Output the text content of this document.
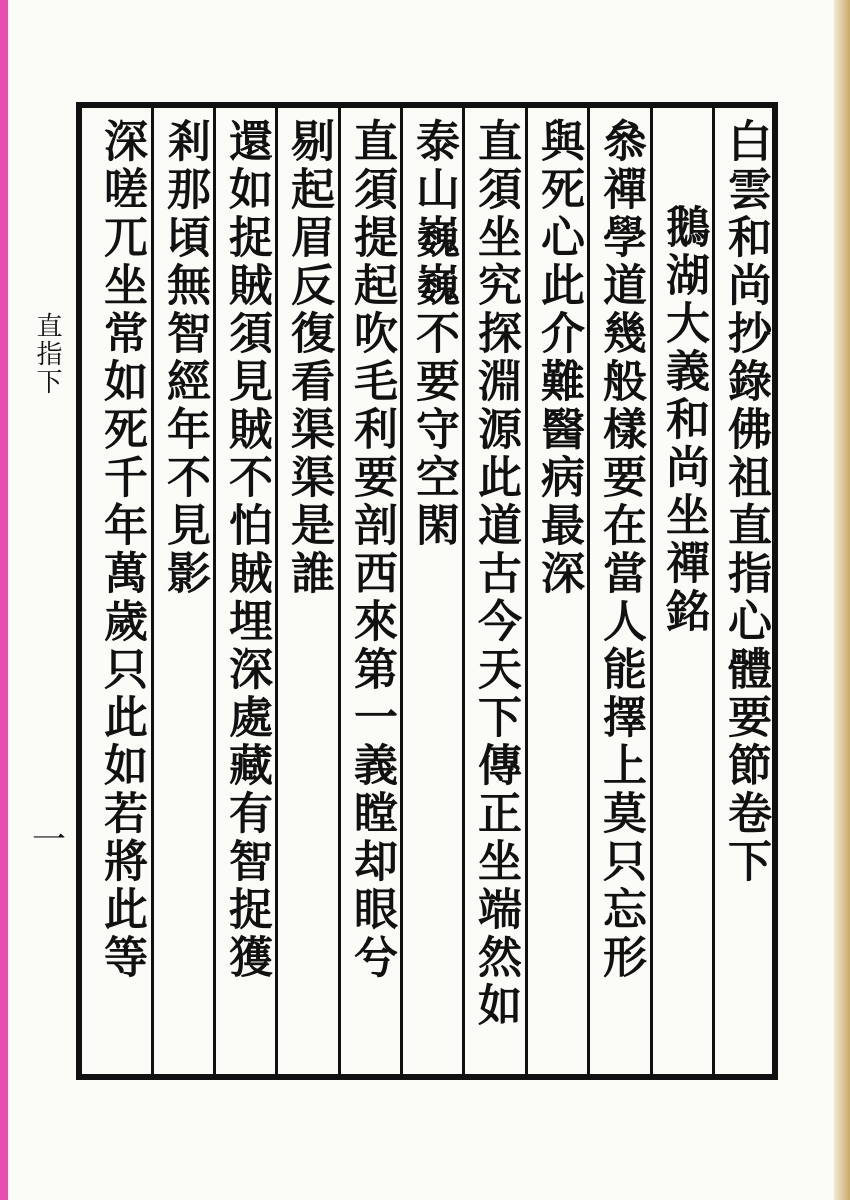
直指下
一	白雲和尚抄錄佛祖直指心體要節卷下
鵝湖大義和尚坐禪銘
叅禪學道幾般樣要在當人能擇上莫只忘形
與死心此介難醫病最深
直須坐究探淵源此道古今天下傳正坐端然如
泰山巍巍不要守空閑
直須提起吹毛利要剖西來第一義瞠却眼兮
剔起眉反復看渠渠是誰
還如捉賊須見賊不怕賊埋深處藏有智捉獲
剎那頃無智經年不見影
深嗟兀坐常如死千年萬歲只此如若將此等
